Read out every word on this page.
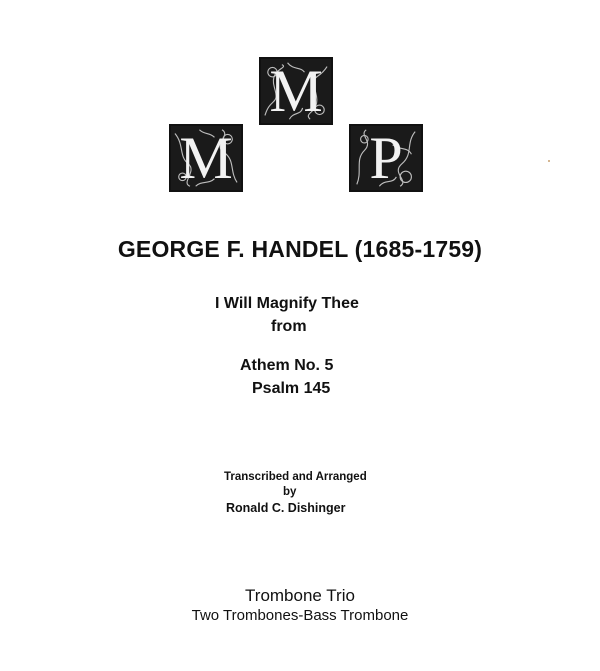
M
M	P
GEORGE F. HANDEL (1685-1759)
I Will Magnify Thee
from
Athem No. 5
Psalm 145
Transcribed and Arranged
by
Ronald C. Dishinger
Trombone Trio
Two Trombones-Bass Trombone
